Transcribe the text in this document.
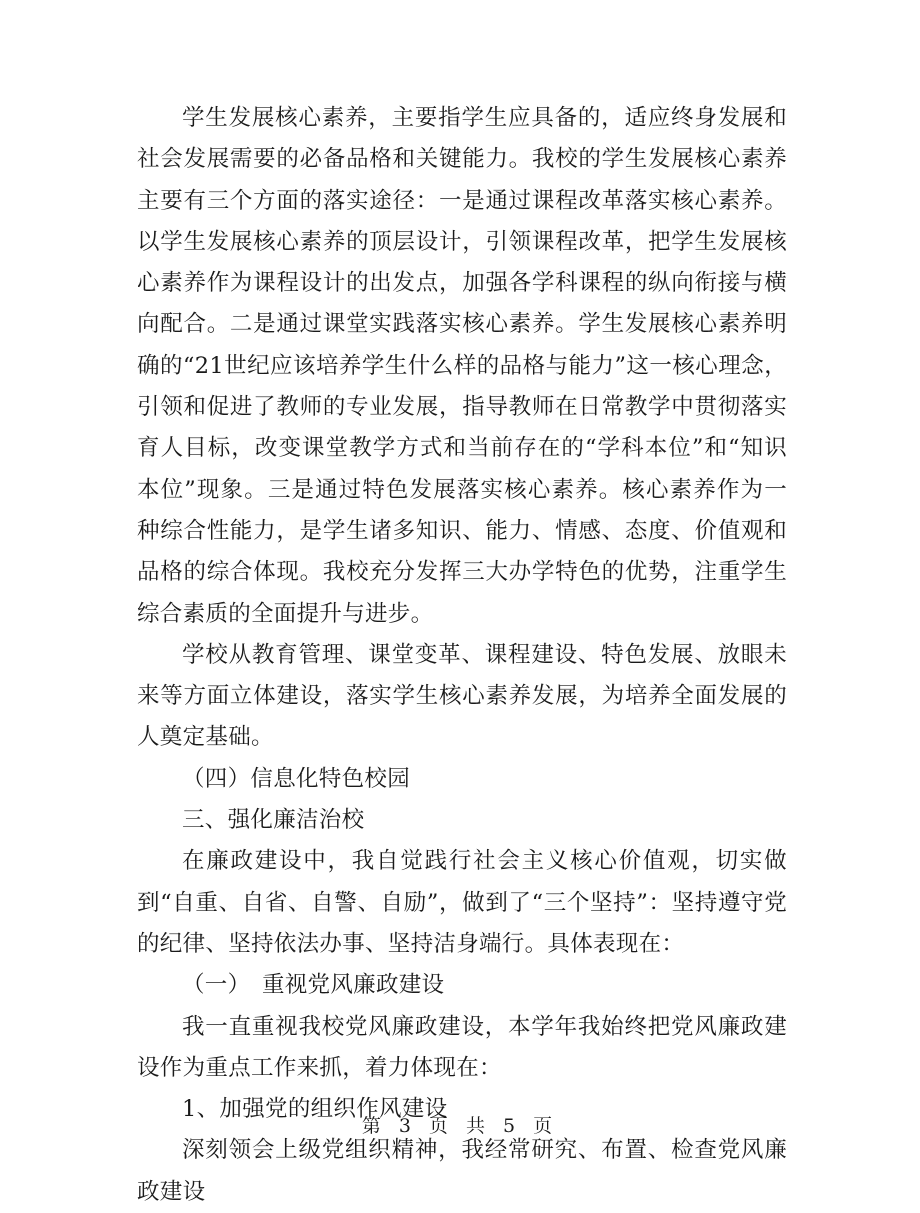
学生发展核心素养，主要指学生应具备的，适应终身发展和社会发展需要的必备品格和关键能力。我校的学生发展核心素养主要有三个方面的落实途径：一是通过课程改革落实核心素养。以学生发展核心素养的顶层设计，引领课程改革，把学生发展核心素养作为课程设计的出发点，加强各学科课程的纵向衔接与横向配合。二是通过课堂实践落实核心素养。学生发展核心素养明确的“21世纪应该培养学生什么样的品格与能力”这一核心理念，引领和促进了教师的专业发展，指导教师在日常教学中贯彻落实育人目标，改变课堂教学方式和当前存在的“学科本位”和“知识本位”现象。三是通过特色发展落实核心素养。核心素养作为一种综合性能力，是学生诸多知识、能力、情感、态度、价值观和品格的综合体现。我校充分发挥三大办学特色的优势，注重学生综合素质的全面提升与进步。

学校从教育管理、课堂变革、课程建设、特色发展、放眼未来等方面立体建设，落实学生核心素养发展，为培养全面发展的人奠定基础。

（四）信息化特色校园

三、强化廉洁治校

在廉政建设中，我自觉践行社会主义核心价值观，切实做到“自重、自省、自警、自励”，做到了“三个坚持”：坚持遵守党的纪律、坚持依法办事、坚持洁身端行。具体表现在：

（一）　重视党风廉政建设

我一直重视我校党风廉政建设，本学年我始终把党风廉政建设作为重点工作来抓，着力体现在：

1、加强党的组织作风建设

深刻领会上级党组织精神，我经常研究、布置、检查党风廉政建设

第 3 页 共 5 页
